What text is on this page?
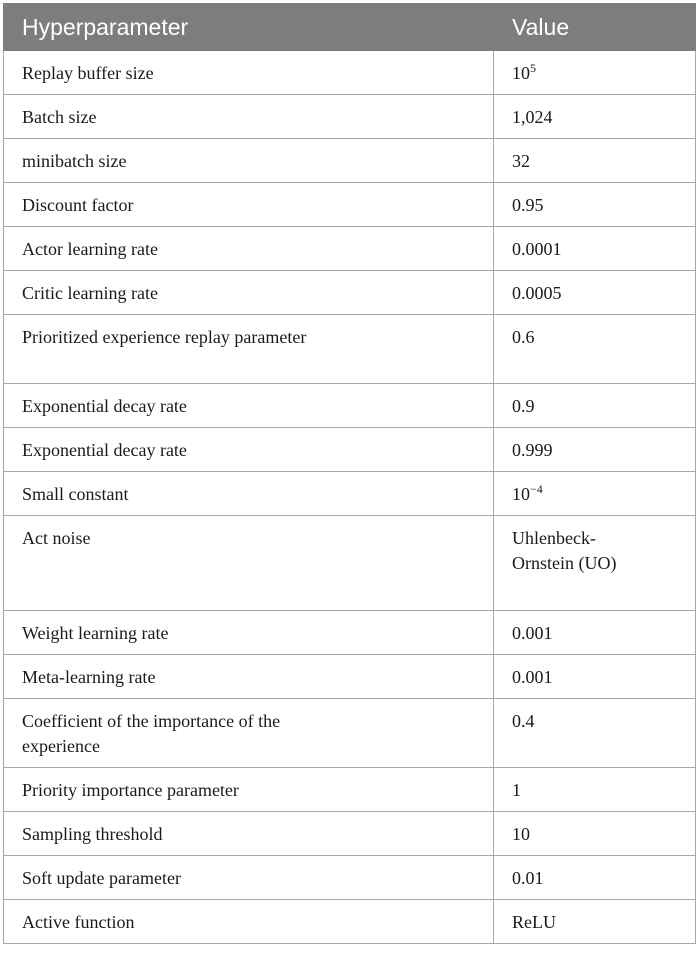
Hyperparameter	Value
Replay buffer size	$10^5$
Batch size	1,024
minibatch size	32
Discount factor	0.95
Actor learning rate	0.0001
Critic learning rate	0.0005
Prioritized experience replay parameter	0.6
Exponential decay rate	0.9
Exponential decay rate	0.999
Small constant	$10^{-4}$
Act noise	Uhlenbeck-Ornstein (UO)
Weight learning rate	0.001
Meta-learning rate	0.001
Coefficient of the importance of the experience	0.4
Priority importance parameter	1
Sampling threshold	10
Soft update parameter	0.01
Active function	ReLU
